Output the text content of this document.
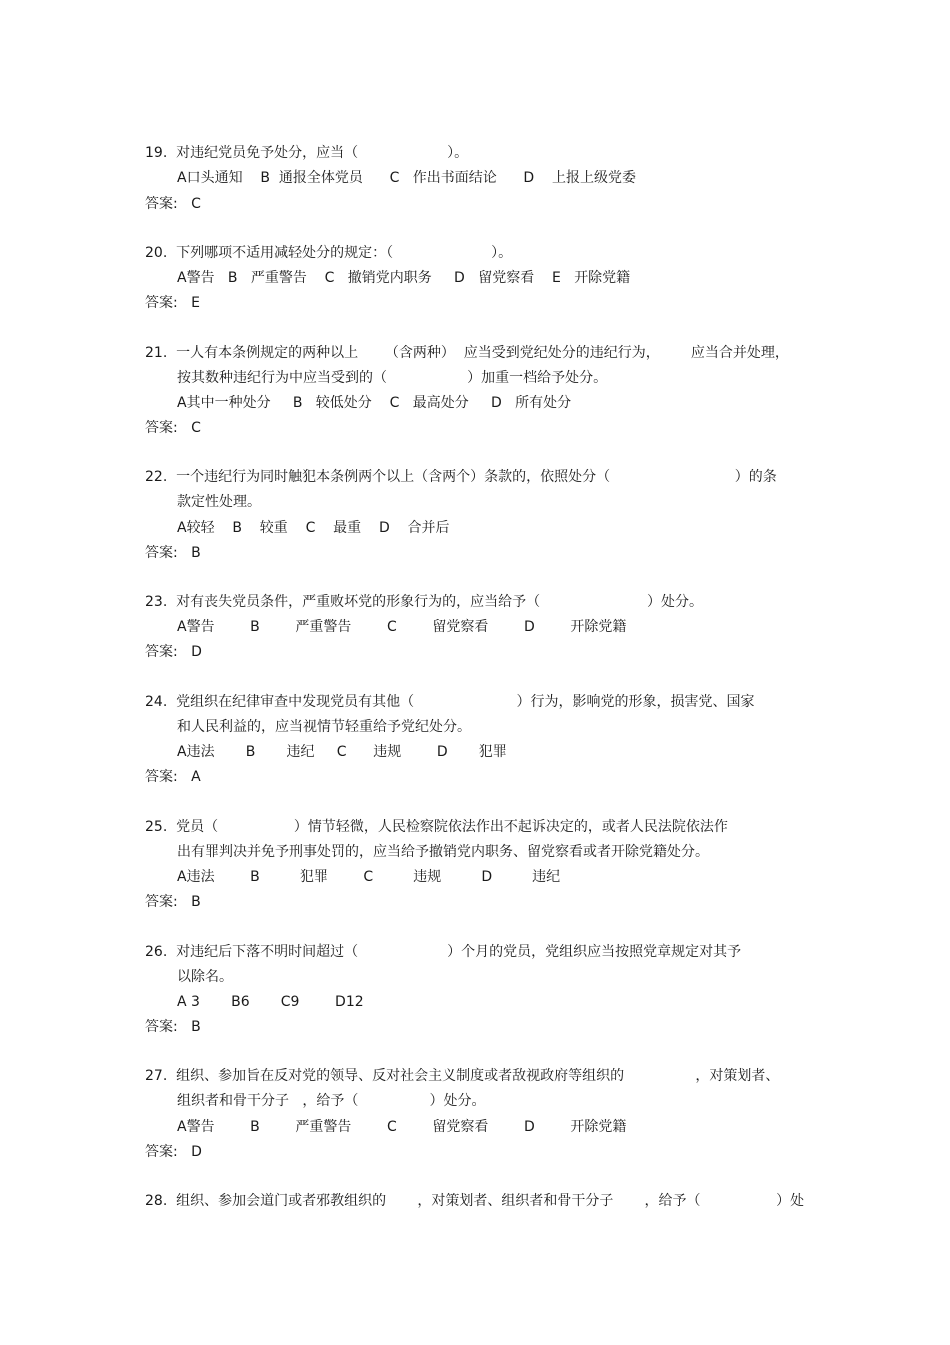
19.  对违纪党员免予处分，应当（                    ）。
A口头通知    B  通报全体党员      C   作出书面结论      D    上报上级党委
答案:   C
20.  下列哪项不适用减轻处分的规定：（                      ）。
A警告   B   严重警告    C   撤销党内职务     D   留党察看    E   开除党籍
答案:   E
21.  一人有本条例规定的两种以上      （含两种）  应当受到党纪处分的违纪行为，       应当合并处理，
按其数种违纪行为中应当受到的（                  ）加重一档给予处分。
A其中一种处分     B   较低处分    C   最高处分     D   所有处分
答案:   C
22.  一个违纪行为同时触犯本条例两个以上（含两个）条款的，依照处分（                            ）的条
款定性处理。
A较轻    B    较重    C    最重    D    合并后
答案:   B
23.  对有丧失党员条件，严重败坏党的形象行为的，应当给予（                        ）处分。
A警告        B        严重警告        C        留党察看        D        开除党籍
答案:   D
24.  党组织在纪律审查中发现党员有其他（                       ）行为，影响党的形象，损害党、国家
和人民利益的，应当视情节轻重给予党纪处分。
A违法       B       违纪     C      违规        D       犯罪
答案:   A
25.  党员（                 ）情节轻微，人民检察院依法作出不起诉决定的，或者人民法院依法作
出有罪判决并免予刑事处罚的，应当给予撤销党内职务、留党察看或者开除党籍处分。
A违法        B         犯罪        C         违规         D         违纪
答案:   B
26.  对违纪后下落不明时间超过（                    ）个月的党员，党组织应当按照党章规定对其予
以除名。
A 3       B6       C9        D12
答案:   B
27.  组织、参加旨在反对党的领导、反对社会主义制度或者敌视政府等组织的                ，对策划者、
组织者和骨干分子   ，给予（                ）处分。
A警告        B        严重警告        C        留党察看        D        开除党籍
答案:   D
28.  组织、参加会道门或者邪教组织的       ，对策划者、组织者和骨干分子       ，给予（                 ）处
